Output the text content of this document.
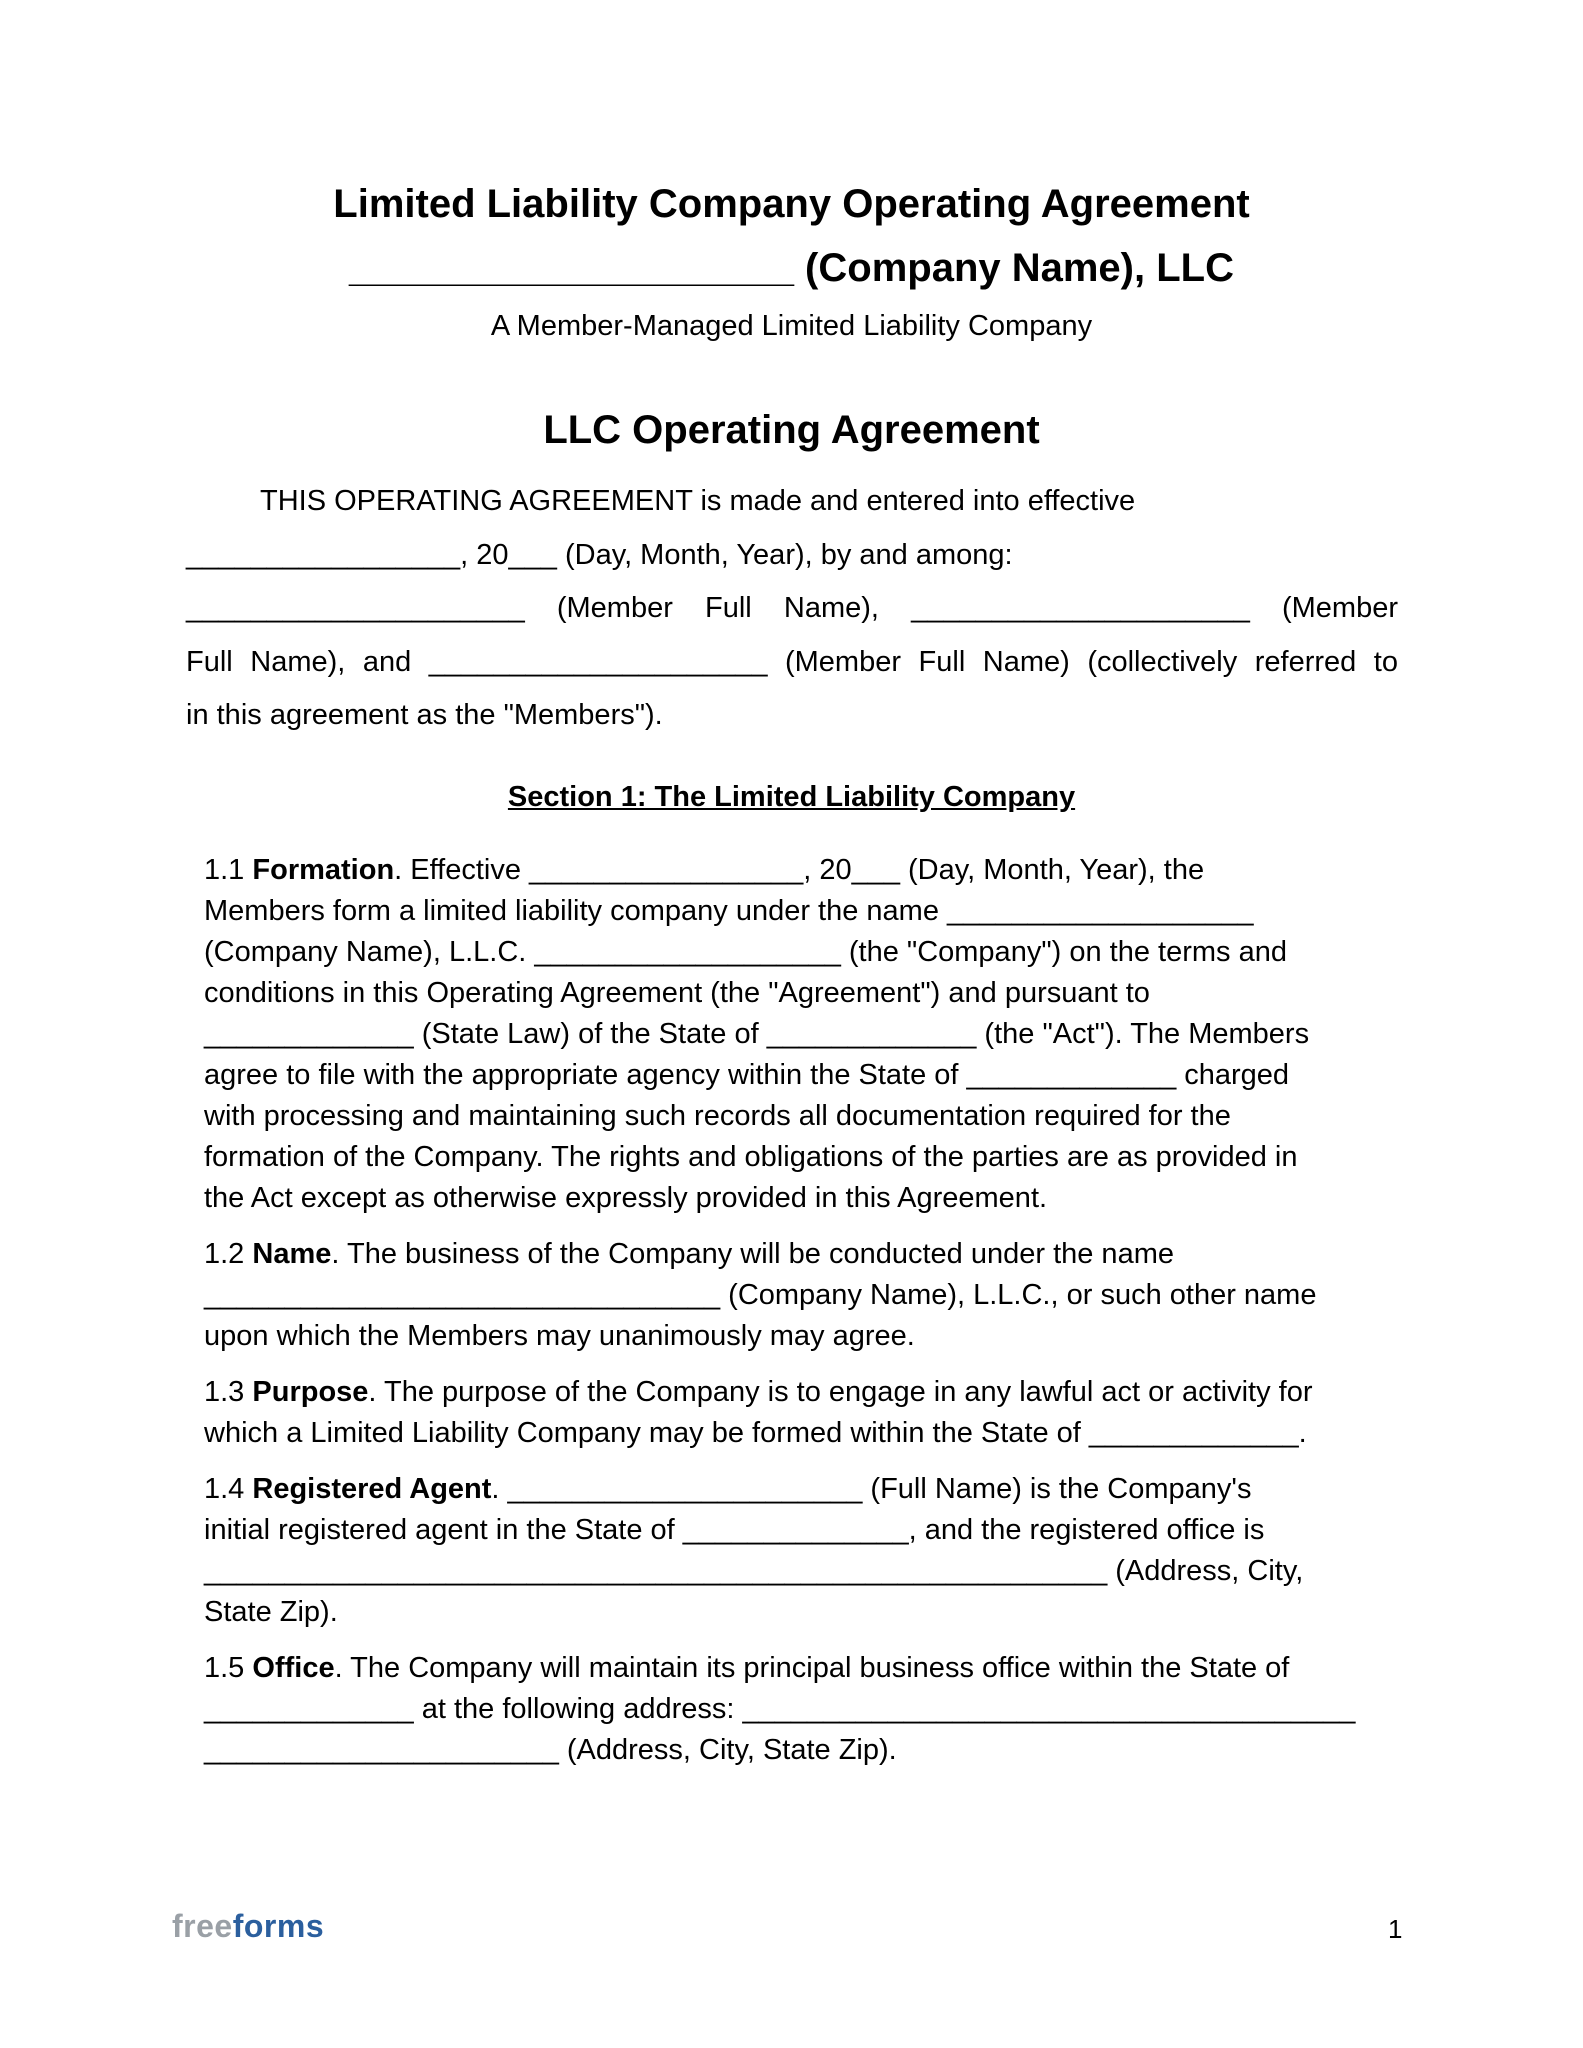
Limited Liability Company Operating Agreement
____________________ (Company Name), LLC
A Member-Managed Limited Liability Company
LLC Operating Agreement
THIS OPERATING AGREEMENT is made and entered into effective
_________________, 20___ (Day, Month, Year), by and among:
_____________________ (Member Full Name), _____________________ (Member
Full Name), and _____________________ (Member Full Name) (collectively referred to
in this agreement as the "Members").
Section 1: The Limited Liability Company
1.1 Formation. Effective _________________, 20___ (Day, Month, Year), the
Members form a limited liability company under the name ___________________
(Company Name), L.L.C. ___________________ (the "Company") on the terms and
conditions in this Operating Agreement (the "Agreement") and pursuant to
_____________ (State Law) of the State of _____________ (the "Act"). The Members
agree to file with the appropriate agency within the State of _____________ charged
with processing and maintaining such records all documentation required for the
formation of the Company. The rights and obligations of the parties are as provided in
the Act except as otherwise expressly provided in this Agreement.
1.2 Name. The business of the Company will be conducted under the name
________________________________ (Company Name), L.L.C., or such other name
upon which the Members may unanimously may agree.
1.3 Purpose. The purpose of the Company is to engage in any lawful act or activity for
which a Limited Liability Company may be formed within the State of _____________.
1.4 Registered Agent. ______________________ (Full Name) is the Company's
initial registered agent in the State of ______________, and the registered office is
________________________________________________________ (Address, City,
State Zip).
1.5 Office. The Company will maintain its principal business office within the State of
_____________ at the following address: ______________________________________
______________________ (Address, City, State Zip).
freeforms	1
